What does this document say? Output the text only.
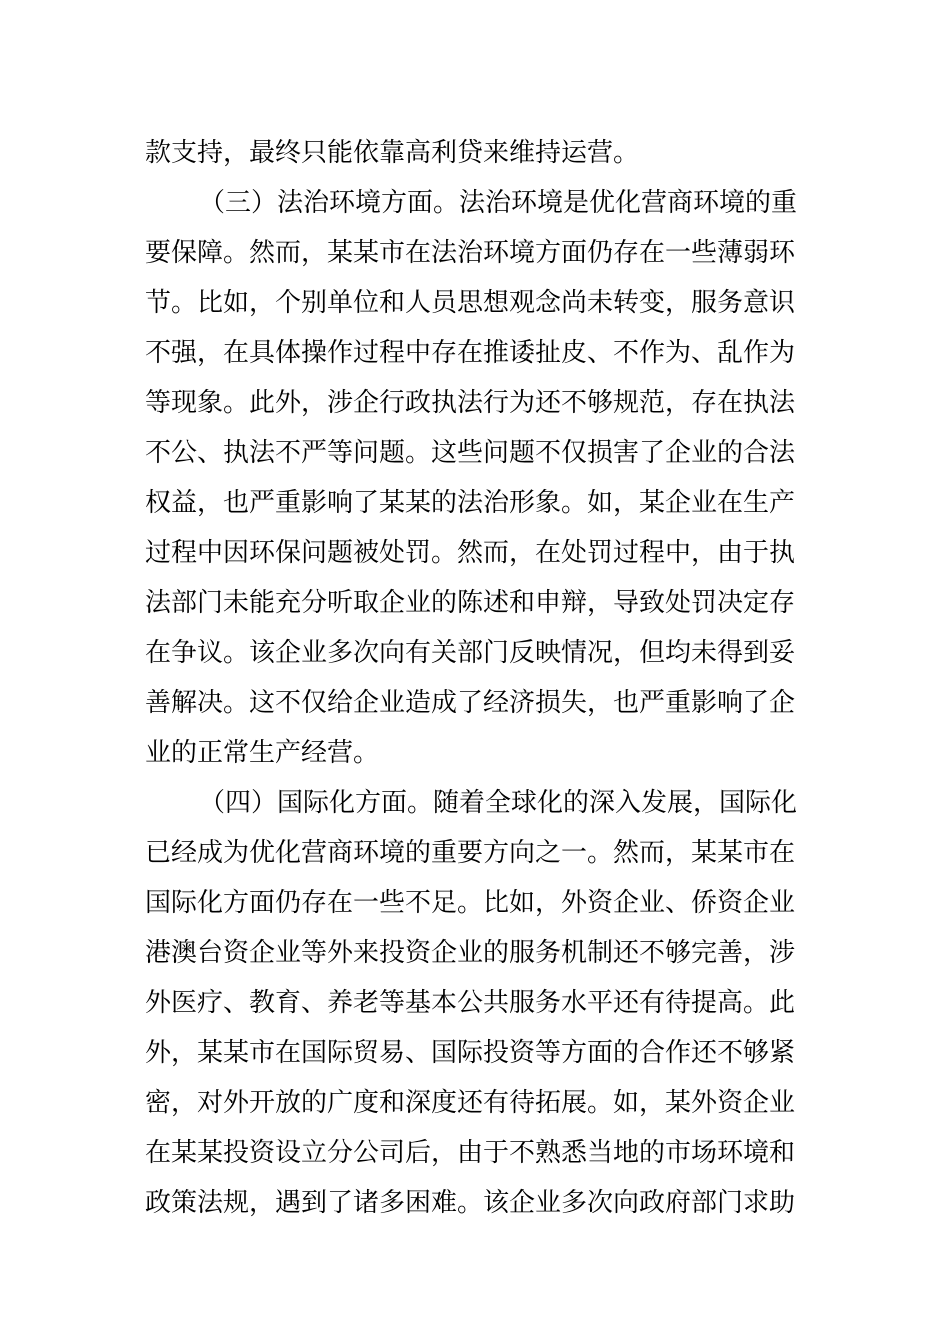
款支持，最终只能依靠高利贷来维持运营。
（三）法治环境方面。法治环境是优化营商环境的重
要保障。然而，某某市在法治环境方面仍存在一些薄弱环
节。比如，个别单位和人员思想观念尚未转变，服务意识
不强，在具体操作过程中存在推诿扯皮、不作为、乱作为
等现象。此外，涉企行政执法行为还不够规范，存在执法
不公、执法不严等问题。这些问题不仅损害了企业的合法
权益，也严重影响了某某的法治形象。如，某企业在生产
过程中因环保问题被处罚。然而，在处罚过程中，由于执
法部门未能充分听取企业的陈述和申辩，导致处罚决定存
在争议。该企业多次向有关部门反映情况，但均未得到妥
善解决。这不仅给企业造成了经济损失，也严重影响了企
业的正常生产经营。
（四）国际化方面。随着全球化的深入发展，国际化
已经成为优化营商环境的重要方向之一。然而，某某市在
国际化方面仍存在一些不足。比如，外资企业、侨资企业
港澳台资企业等外来投资企业的服务机制还不够完善，涉
外医疗、教育、养老等基本公共服务水平还有待提高。此
外，某某市在国际贸易、国际投资等方面的合作还不够紧
密，对外开放的广度和深度还有待拓展。如，某外资企业
在某某投资设立分公司后，由于不熟悉当地的市场环境和
政策法规，遇到了诸多困难。该企业多次向政府部门求助
